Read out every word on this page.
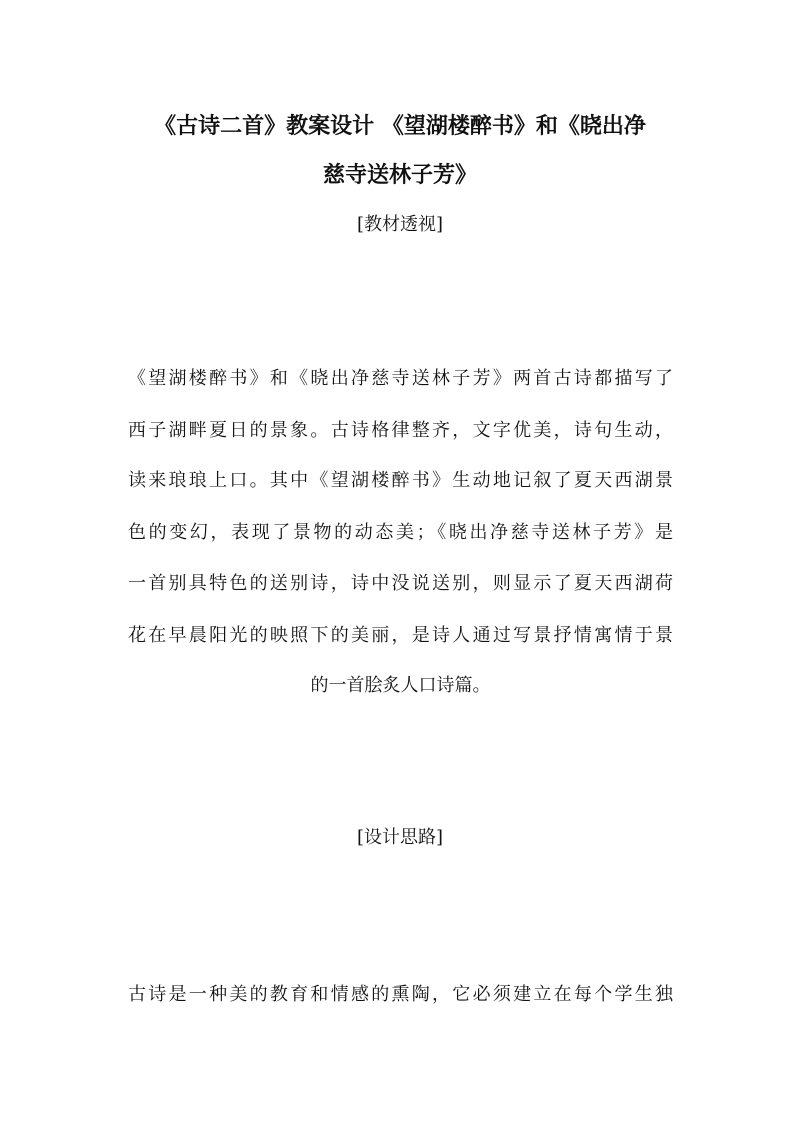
《古诗二首》教案设计 《望湖楼醉书》和《晓出净
慈寺送林子芳》
[教材透视]
《望湖楼醉书》和《晓出净慈寺送林子芳》两首古诗都描写了
西子湖畔夏日的景象。古诗格律整齐，文字优美，诗句生动，
读来琅琅上口。其中《望湖楼醉书》生动地记叙了夏天西湖景
色的变幻，表现了景物的动态美；《晓出净慈寺送林子芳》是
一首别具特色的送别诗，诗中没说送别，则显示了夏天西湖荷
花在早晨阳光的映照下的美丽，是诗人通过写景抒情寓情于景
的一首脍炙人口诗篇。
[设计思路]
古诗是一种美的教育和情感的熏陶，它必须建立在每个学生独
